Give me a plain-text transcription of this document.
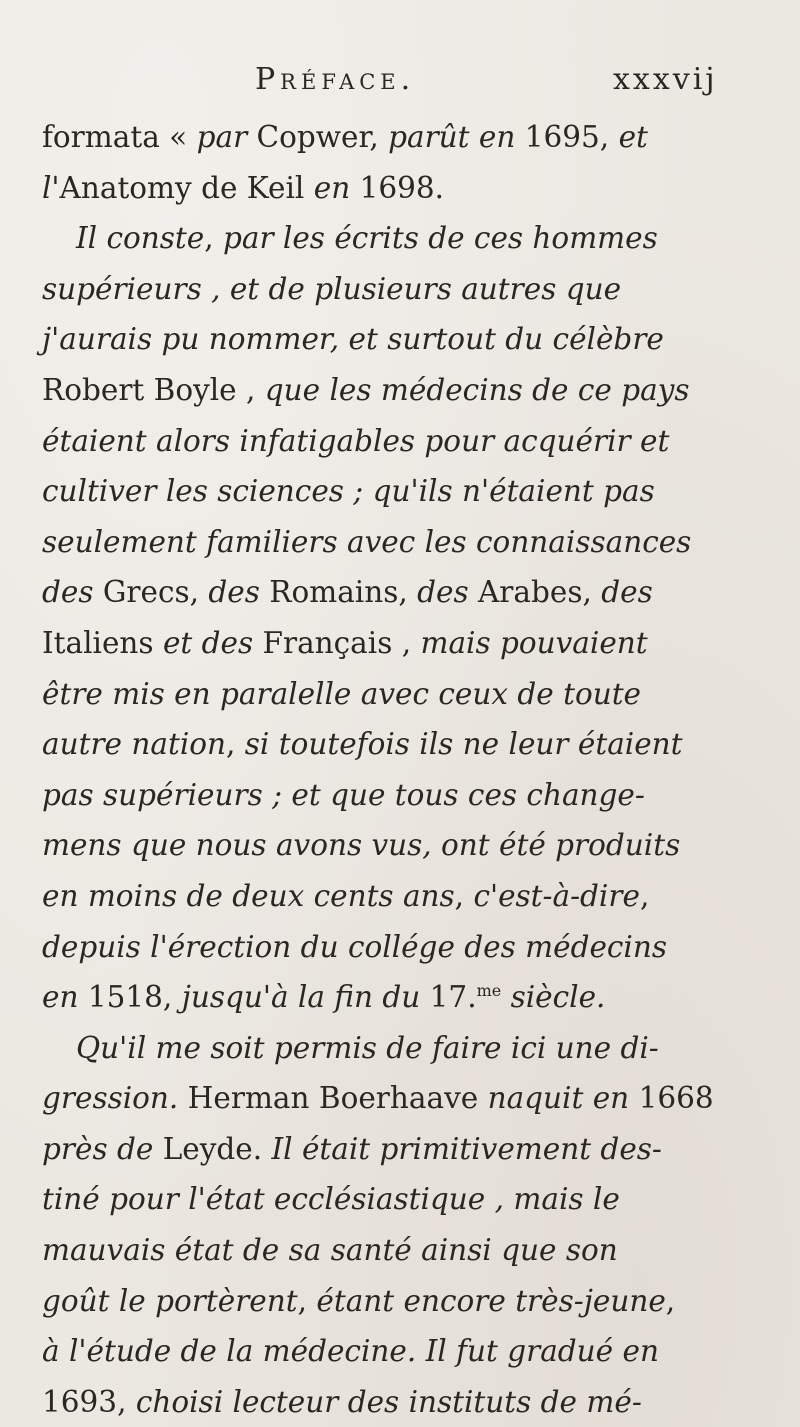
Préface.	xxxvij
formata « par Copwer, parût en 1695, et
l'Anatomy de Keil en 1698.
Il conste, par les écrits de ces hommes
supérieurs , et de plusieurs autres que
j'aurais pu nommer, et surtout du célèbre
Robert Boyle , que les médecins de ce pays
étaient alors infatigables pour acquérir et
cultiver les sciences ; qu'ils n'étaient pas
seulement familiers avec les connaissances
des Grecs, des Romains, des Arabes, des
Italiens et des Français , mais pouvaient
être mis en paralelle avec ceux de toute
autre nation, si toutefois ils ne leur étaient
pas supérieurs ; et que tous ces change-
mens que nous avons vus, ont été produits
en moins de deux cents ans, c'est-à-dire,
depuis l'érection du collége des médecins
en 1518, jusqu'à la fin du 17.$^{me}$ siècle.
Qu'il me soit permis de faire ici une di-
gression. Herman Boerhaave naquit en 1668
près de Leyde. Il était primitivement des-
tiné pour l'état ecclésiastique , mais le
mauvais état de sa santé ainsi que son
goût le portèrent, étant encore très-jeune,
à l'étude de la médecine. Il fut gradué en
1693, choisi lecteur des instituts de mé-
